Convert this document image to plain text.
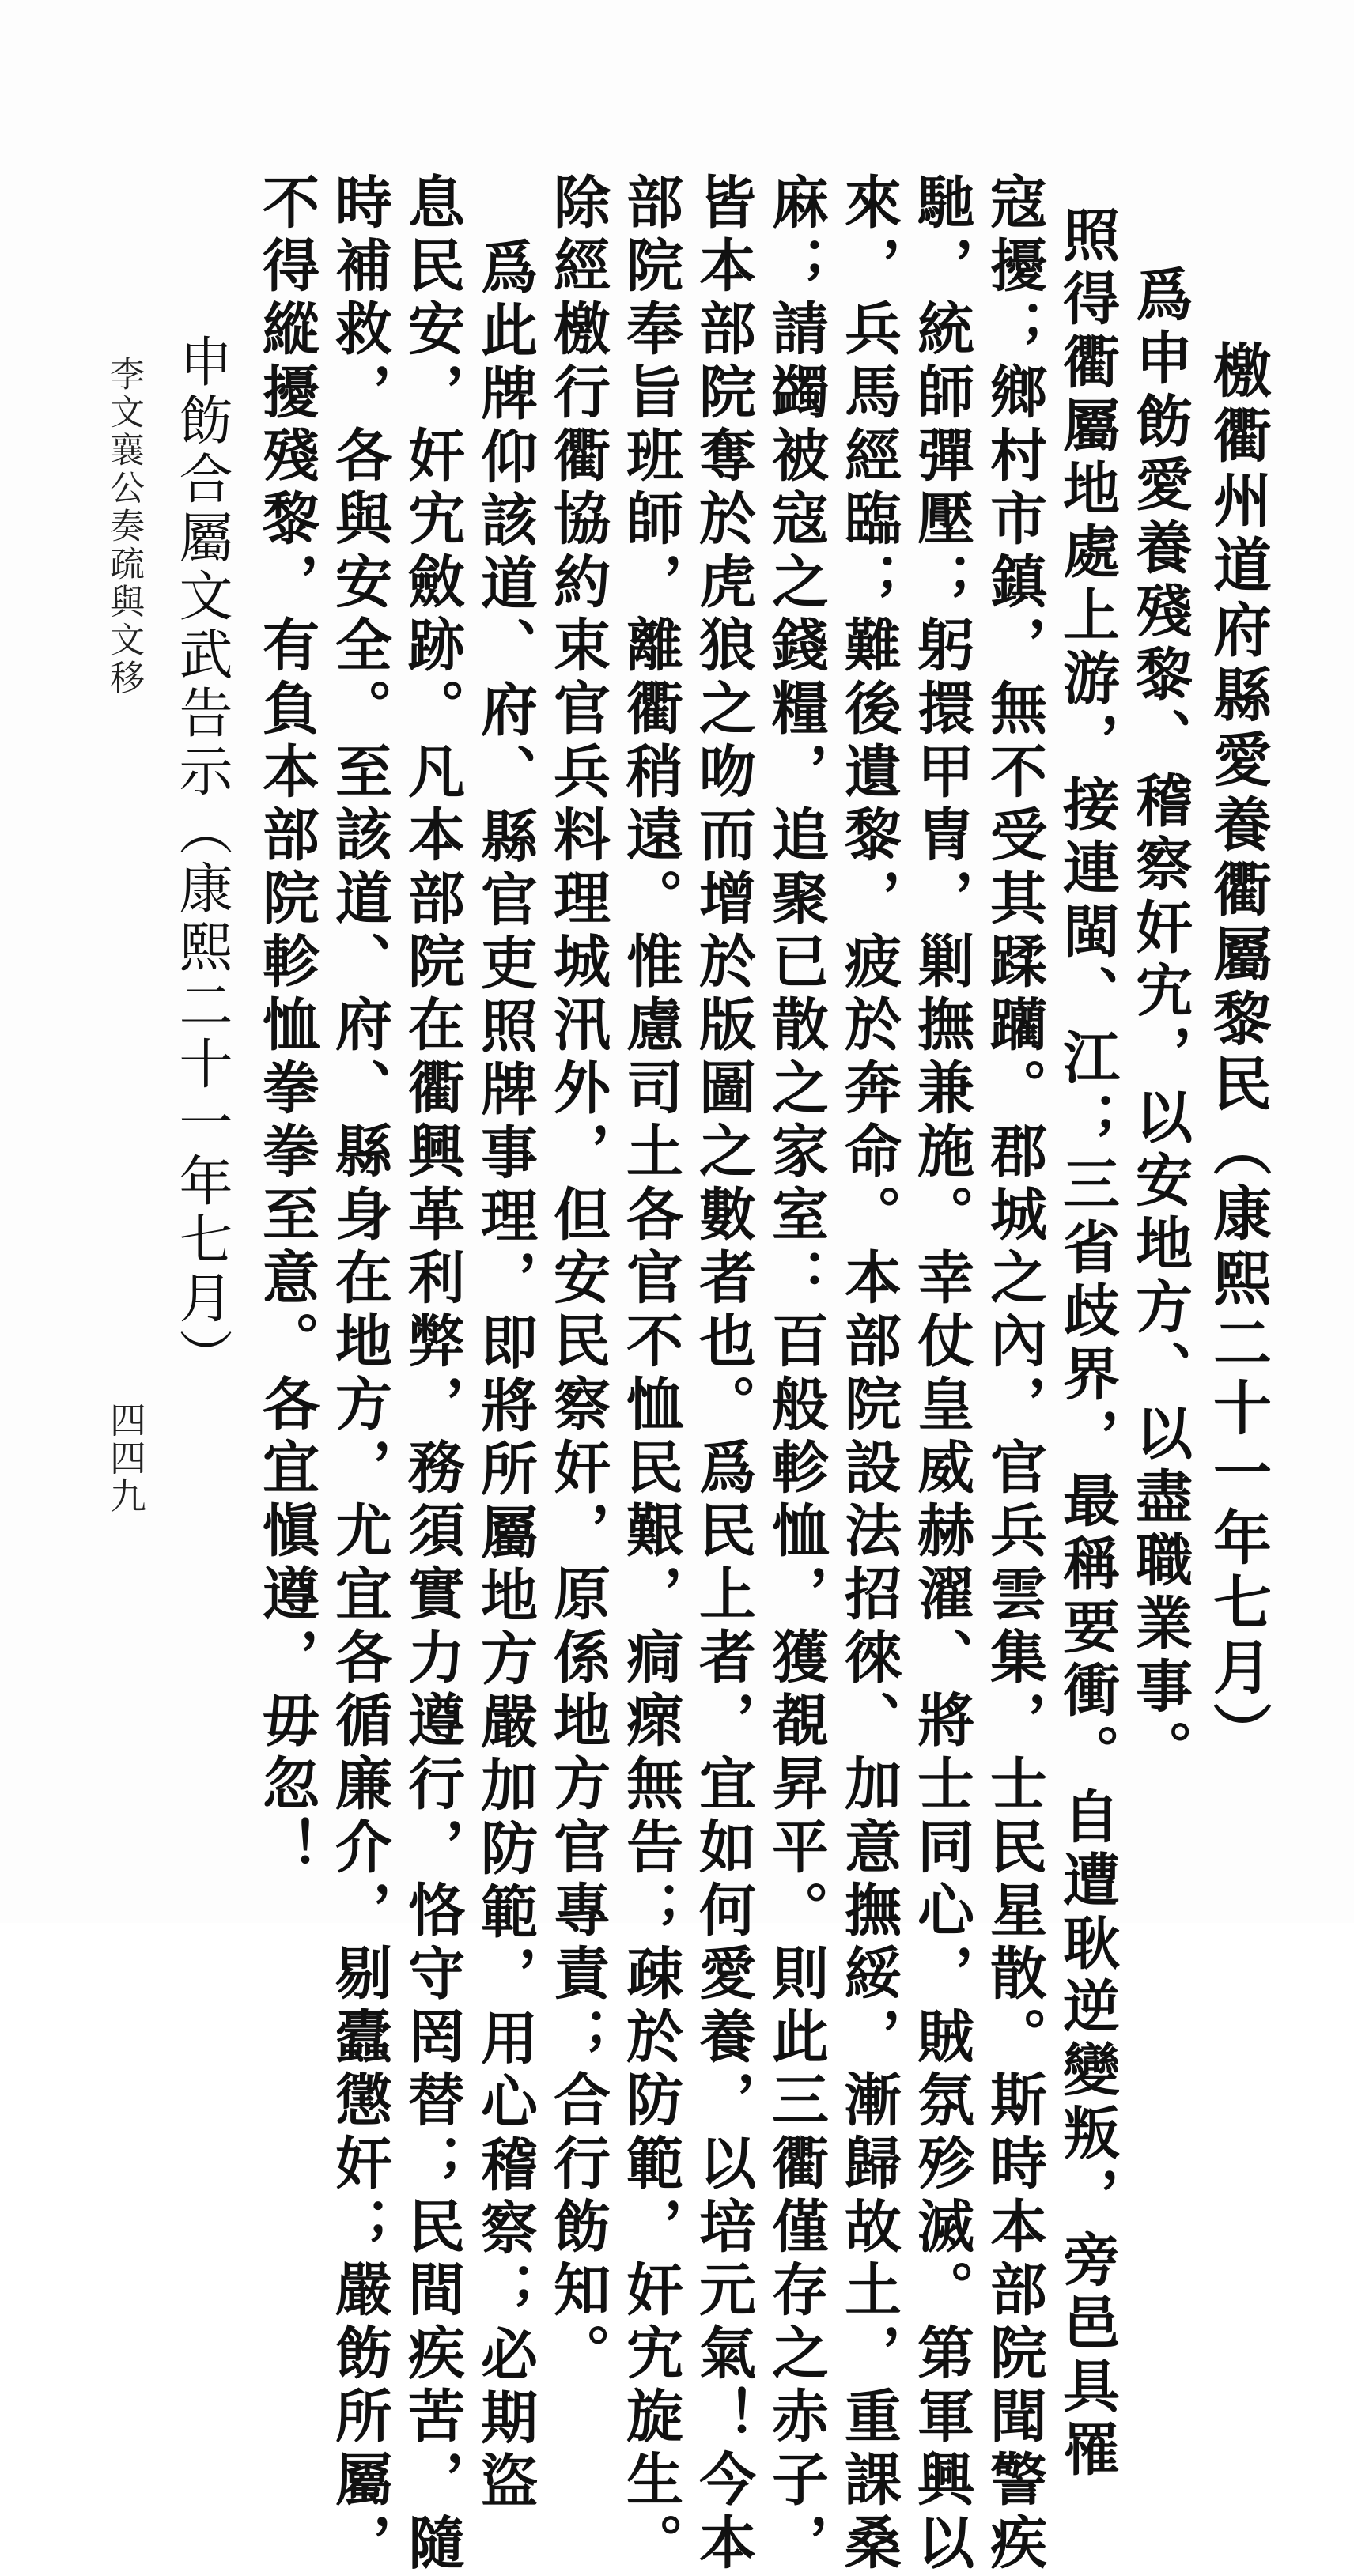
檄衢州道府縣愛養衢屬黎民（康熙二十一年七月）
爲申飭愛養殘黎、稽察奸宄，以安地方、以盡職業事。
照得衢屬地處上游，接連閩、江；三省歧界，最稱要衝。自遭耿逆變叛，旁邑具罹
寇擾；鄉村市鎮，無不受其蹂躪。郡城之內，官兵雲集，士民星散。斯時本部院聞警疾
馳，統師彈壓；躬擐甲冑，剿撫兼施。幸仗皇威赫濯、將士同心，賊氛殄滅。第軍興以
來，兵馬經臨；難後遺黎，疲於奔命。本部院設法招徠、加意撫綏，漸歸故土，重課桑
麻；請蠲被寇之錢糧，追聚已散之家室：百般軫恤，獲覩昇平。則此三衢僅存之赤子，
皆本部院奪於虎狼之吻而增於版圖之數者也。爲民上者，宜如何愛養，以培元氣！今本
部院奉旨班師，離衢稍遠。惟慮司土各官不恤民艱，痌瘝無告；疎於防範，奸宄旋生。
除經檄行衢協約束官兵料理城汛外，但安民察奸，原係地方官專責；合行飭知。
爲此牌仰該道、府、縣官吏照牌事理，即將所屬地方嚴加防範，用心稽察；必期盜
息民安，奸宄斂跡。凡本部院在衢興革利弊，務須實力遵行，恪守罔替；民間疾苦，隨
時補救，各與安全。至該道、府、縣身在地方，尤宜各循廉介，剔蠹懲奸；嚴飭所屬，
不得縱擾殘黎，有負本部院軫恤拳拳至意。各宜愼遵，毋忽！
申飭合屬文武告示（康熙二十一年七月）
李文襄公奏疏與文移
四四九
